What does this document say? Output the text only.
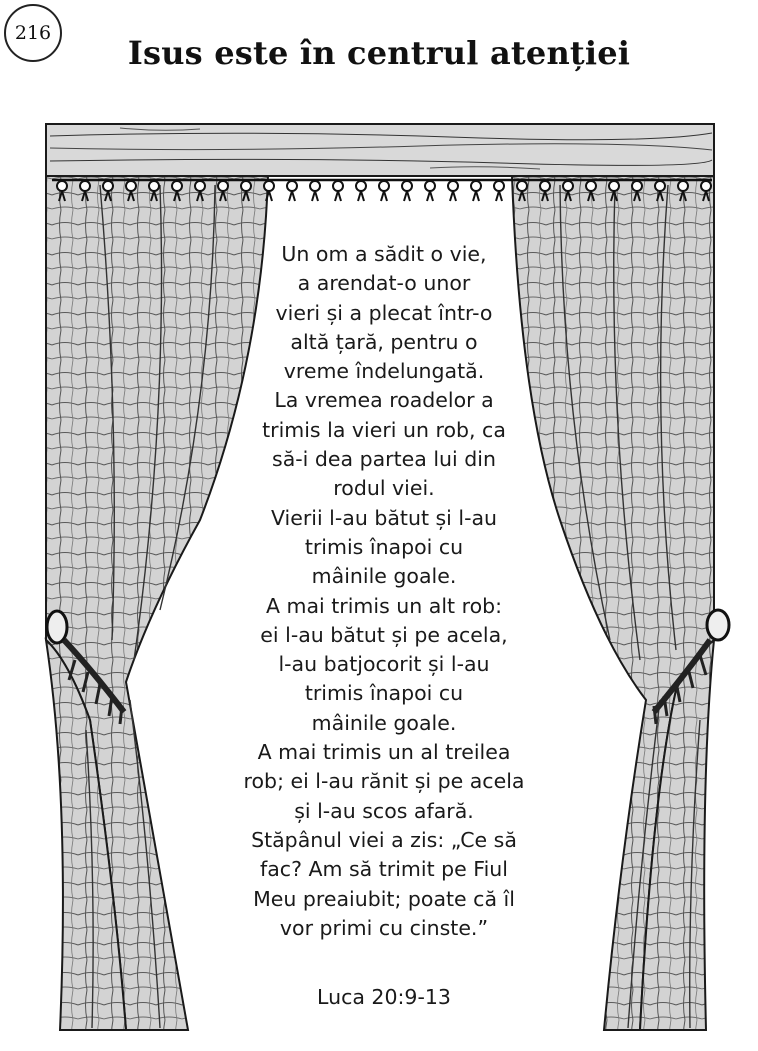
216
Isus este în centrul atenției
Un om a sădit o vie,
a arendat-o unor
vieri și a plecat într-o
altă țară, pentru o
vreme îndelungată.
La vremea roadelor a
trimis la vieri un rob, ca
să-i dea partea lui din
rodul viei.
Vierii l-au bătut și l-au
trimis înapoi cu
mâinile goale.
A mai trimis un alt rob:
ei l-au bătut și pe acela,
l-au batjocorit și l-au
trimis înapoi cu
mâinile goale.
A mai trimis un al treilea
rob; ei l-au rănit și pe acela
și l-au scos afară.
Stăpânul viei a zis: „Ce să
fac? Am să trimit pe Fiul
Meu preaiubit; poate că îl
vor primi cu cinste.”
Luca 20:9-13
